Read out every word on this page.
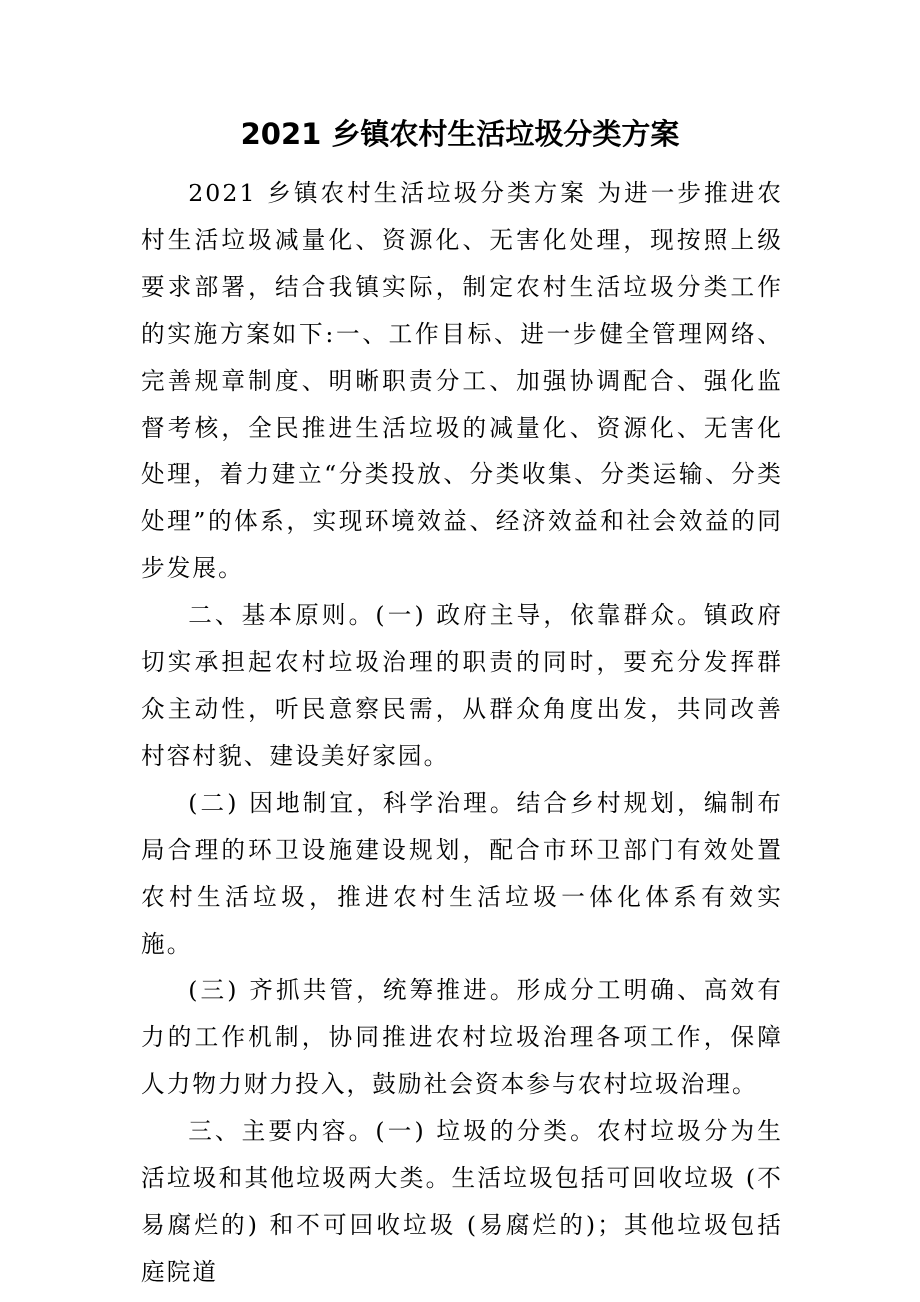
2021 乡镇农村生活垃圾分类方案

2021 乡镇农村生活垃圾分类方案 为进一步推进农村生活垃圾减量化、资源化、无害化处理，现按照上级要求部署，结合我镇实际，制定农村生活垃圾分类工作的实施方案如下:一、工作目标、进一步健全管理网络、完善规章制度、明晰职责分工、加强协调配合、强化监督考核，全民推进生活垃圾的减量化、资源化、无害化处理，着力建立“分类投放、分类收集、分类运输、分类处理”的体系，实现环境效益、经济效益和社会效益的同步发展。

二、基本原则。(一) 政府主导，依靠群众。镇政府切实承担起农村垃圾治理的职责的同时，要充分发挥群众主动性，听民意察民需，从群众角度出发，共同改善村容村貌、建设美好家园。

(二) 因地制宜，科学治理。结合乡村规划，编制布局合理的环卫设施建设规划，配合市环卫部门有效处置农村生活垃圾，推进农村生活垃圾一体化体系有效实施。

(三) 齐抓共管，统筹推进。形成分工明确、高效有力的工作机制，协同推进农村垃圾治理各项工作，保障人力物力财力投入，鼓励社会资本参与农村垃圾治理。

三、主要内容。(一) 垃圾的分类。农村垃圾分为生活垃圾和其他垃圾两大类。生活垃圾包括可回收垃圾 (不易腐烂的) 和不可回收垃圾 (易腐烂的)；其他垃圾包括庭院道
